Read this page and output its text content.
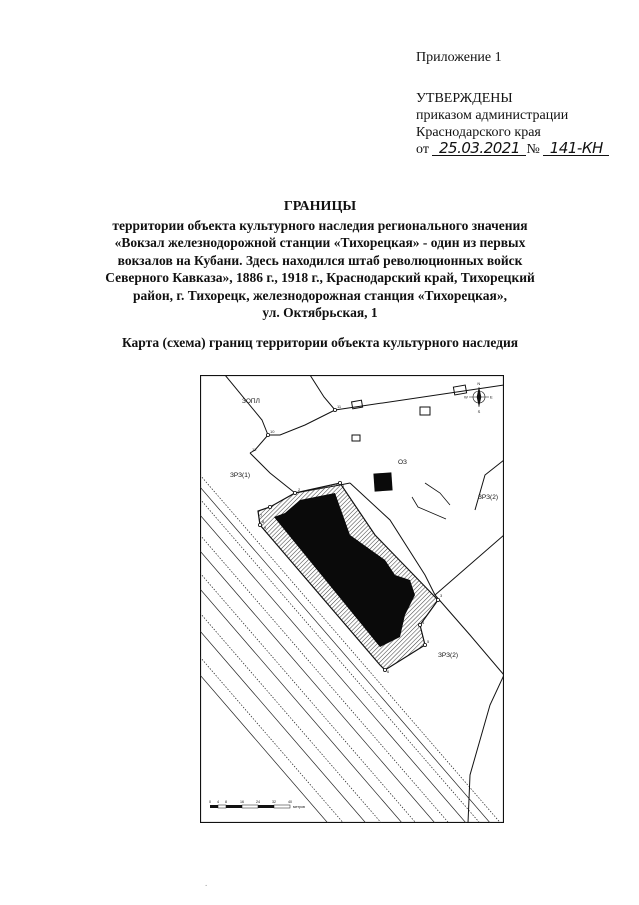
Приложение 1
УТВЕРЖДЕНЫ
приказом администрации
Краснодарского края
от 25.03.2021 № 141-КН
ГРАНИЦЫ
территории объекта культурного наследия регионального значения
«Вокзал железнодорожной станции «Тихорецкая» - один из первых
вокзалов на Кубани. Здесь находился штаб революционных войск
Северного Кавказа», 1886 г., 1918 г., Краснодарский край, Тихорецкий
район, г. Тихорецк, железнодорожная станция «Тихорецкая»,
ул. Октябрьская, 1
Карта (схема) границ территории объекта культурного наследия
1
2
3
4
5
6
7
8
9
10
11
12
ЗОПЛ
ОЗ
ЗРЗ(1)
ЗРЗ(2)
ЗРЗ(2)
N
S
E
W
0 4 8	16	24	32	40
метров
.
